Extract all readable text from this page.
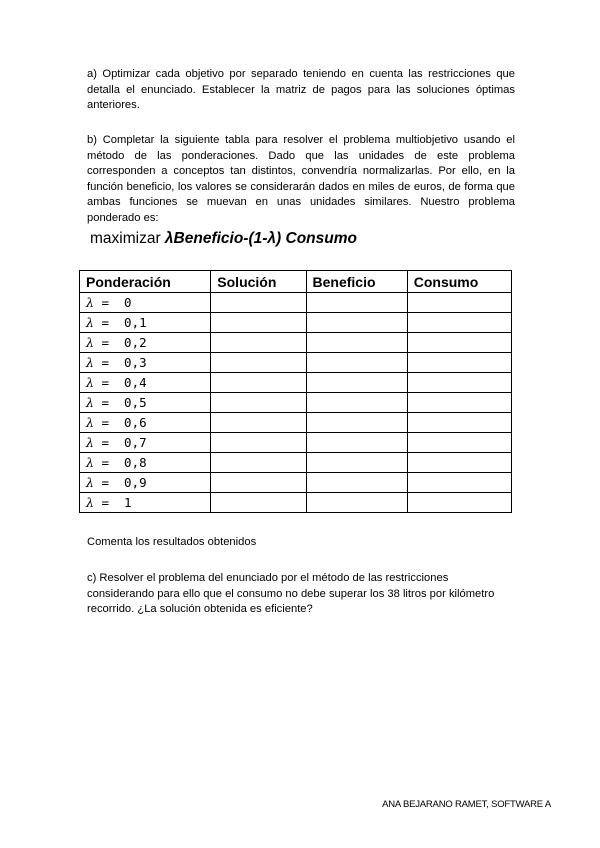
a) Optimizar cada objetivo por separado teniendo en cuenta las restricciones que detalla el enunciado. Establecer la matriz de pagos para las soluciones óptimas anteriores.

b) Completar la siguiente tabla para resolver el problema multiobjetivo usando el método de las ponderaciones. Dado que las unidades de este problema corresponden a conceptos tan distintos, convendría normalizarlas. Por ello, en la función beneficio, los valores se considerarán dados en miles de euros, de forma que ambas funciones se muevan en unas unidades similares. Nuestro problema ponderado es:

maximizar λBeneficio-(1-λ) Consumo
Ponderación	Solución	Beneficio	Consumo
λ =  0			
λ =  0,1			
λ =  0,2			
λ =  0,3			
λ =  0,4			
λ =  0,5			
λ =  0,6			
λ =  0,7			
λ =  0,8			
λ =  0,9			
λ =  1			

Comenta los resultados obtenidos

c) Resolver el problema del enunciado por el método de las restricciones considerando para ello que el consumo no debe superar los 38 litros por kilómetro recorrido. ¿La solución obtenida es eficiente?

ANA BEJARANO RAMET, SOFTWARE A
